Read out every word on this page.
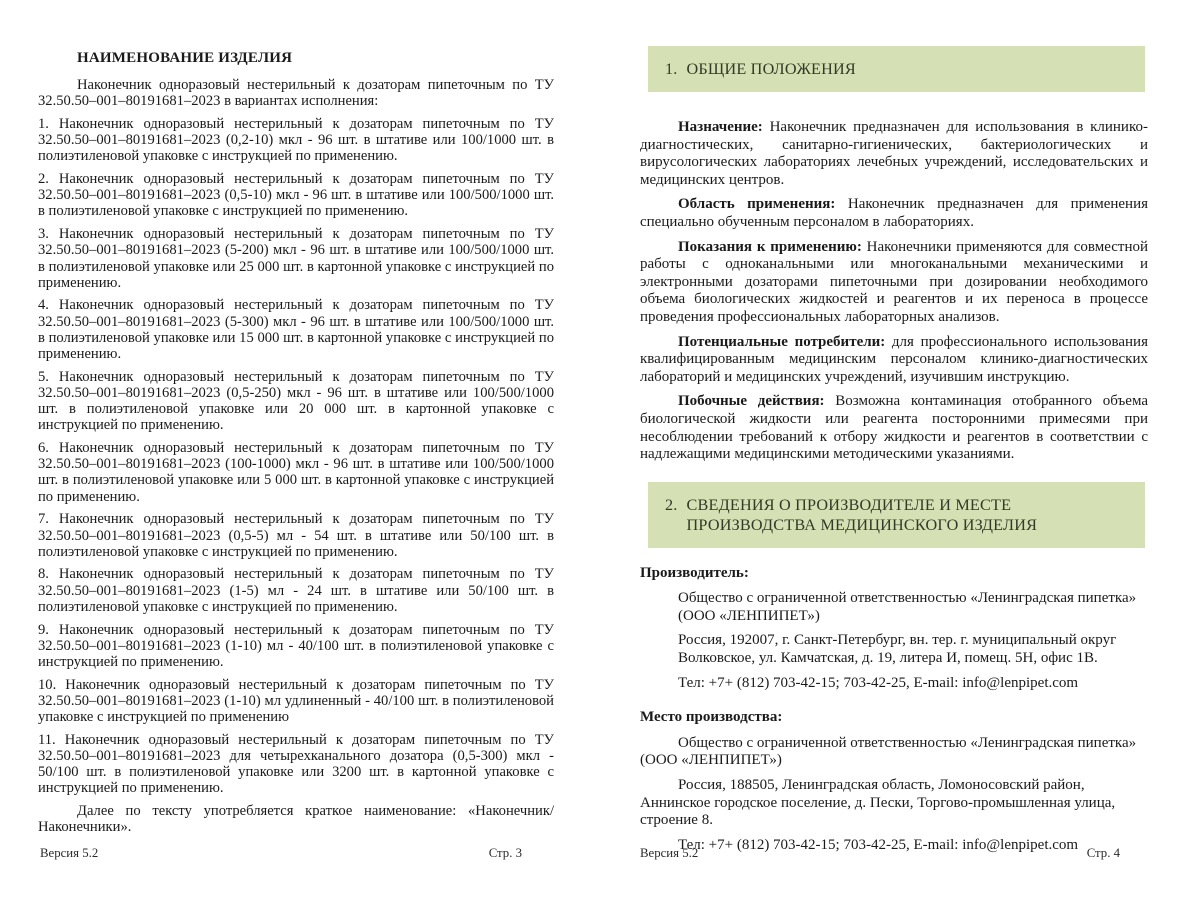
НАИМЕНОВАНИЕ ИЗДЕЛИЯ

Наконечник одноразовый нестерильный к дозаторам пипеточным по ТУ 32.50.50–001–80191681–2023 в вариантах исполнения:

1. Наконечник одноразовый нестерильный к дозаторам пипеточным по ТУ 32.50.50–001–80191681–2023 (0,2-10) мкл - 96 шт. в штативе или 100/1000 шт. в полиэтиленовой упаковке с инструкцией по применению.

2. Наконечник одноразовый нестерильный к дозаторам пипеточным по ТУ 32.50.50–001–80191681–2023 (0,5-10) мкл - 96 шт. в штативе или 100/500/1000 шт. в полиэтиленовой упаковке с инструкцией по применению.

3. Наконечник одноразовый нестерильный к дозаторам пипеточным по ТУ 32.50.50–001–80191681–2023 (5-200) мкл - 96 шт. в штативе или 100/500/1000 шт. в полиэтиленовой упаковке или 25 000 шт. в картонной упаковке с инструкцией по применению.

4. Наконечник одноразовый нестерильный к дозаторам пипеточным по ТУ 32.50.50–001–80191681–2023 (5-300) мкл - 96 шт. в штативе или 100/500/1000 шт. в полиэтиленовой упаковке или 15 000 шт. в картонной упаковке с инструкцией по применению.

5. Наконечник одноразовый нестерильный к дозаторам пипеточным по ТУ 32.50.50–001–80191681–2023 (0,5-250) мкл - 96 шт. в штативе или 100/500/1000 шт. в полиэтиленовой упаковке или 20 000 шт. в картонной упаковке с инструкцией по применению.

6. Наконечник одноразовый нестерильный к дозаторам пипеточным по ТУ 32.50.50–001–80191681–2023 (100-1000) мкл - 96 шт. в штативе или 100/500/1000 шт. в полиэтиленовой упаковке или 5 000 шт. в картонной упаковке с инструкцией по применению.

7. Наконечник одноразовый нестерильный к дозаторам пипеточным по ТУ 32.50.50–001–80191681–2023 (0,5-5) мл - 54 шт. в штативе или 50/100 шт. в полиэтиленовой упаковке с инструкцией по применению.

8. Наконечник одноразовый нестерильный к дозаторам пипеточным по ТУ 32.50.50–001–80191681–2023 (1-5) мл - 24 шт. в штативе или 50/100 шт. в полиэтиленовой упаковке с инструкцией по применению.

9. Наконечник одноразовый нестерильный к дозаторам пипеточным по ТУ 32.50.50–001–80191681–2023 (1-10) мл - 40/100 шт. в полиэтиленовой упаковке с инструкцией по применению.

10. Наконечник одноразовый нестерильный к дозаторам пипеточным по ТУ 32.50.50–001–80191681–2023 (1-10) мл удлиненный - 40/100 шт. в полиэтиленовой упаковке с инструкцией по применению

11. Наконечник одноразовый нестерильный к дозаторам пипеточным по ТУ 32.50.50–001–80191681–2023 для четырехканального дозатора (0,5-300) мкл - 50/100 шт. в полиэтиленовой упаковке или 3200 шт. в картонной упаковке с инструкцией по применению.

Далее по тексту употребляется краткое наименование: «Наконечник/Наконечники».

Версия 5.2	Стр. 3
1. ОБЩИЕ ПОЛОЖЕНИЯ

Назначение: Наконечник предназначен для использования в клинико-диагностических, санитарно-гигиенических, бактериологических и вирусологических лабораториях лечебных учреждений, исследовательских и медицинских центров.

Область применения: Наконечник предназначен для применения специально обученным персоналом в лабораториях.

Показания к применению: Наконечники применяются для совместной работы с одноканальными или многоканальными механическими и электронными дозаторами пипеточными при дозировании необходимого объема биологических жидкостей и реагентов и их переноса в процессе проведения профессиональных лабораторных анализов.

Потенциальные потребители: для профессионального использования квалифицированным медицинским персоналом клинико-диагностических лабораторий и медицинских учреждений, изучившим инструкцию.

Побочные действия: Возможна контаминация отобранного объема биологической жидкости или реагента посторонними примесями при несоблюдении требований к отбору жидкости и реагентов в соответствии с надлежащими медицинскими методическими указаниями.

2. СВЕДЕНИЯ О ПРОИЗВОДИТЕЛЕ И МЕСТЕ ПРОИЗВОДСТВА МЕДИЦИНСКОГО ИЗДЕЛИЯ

Производитель:

Общество с ограниченной ответственностью «Ленинградская пипетка»

(ООО «ЛЕНПИПЕТ»)

Россия, 192007, г. Санкт-Петербург, вн. тер. г. муниципальный округ Волковское, ул. Камчатская, д. 19, литера И, помещ. 5Н, офис 1В.

Тел: +7+ (812) 703-42-15; 703-42-25, E-mail: info@lenpipet.com

Место производства:

Общество с ограниченной ответственностью «Ленинградская пипетка»

(ООО «ЛЕНПИПЕТ»)

Россия, 188505, Ленинградская область, Ломоносовский район, Аннинское городское поселение, д. Пески, Торгово-промышленная улица, строение 8.

Тел: +7+ (812) 703-42-15; 703-42-25, E-mail: info@lenpipet.com

Версия 5.2	Стр. 4
